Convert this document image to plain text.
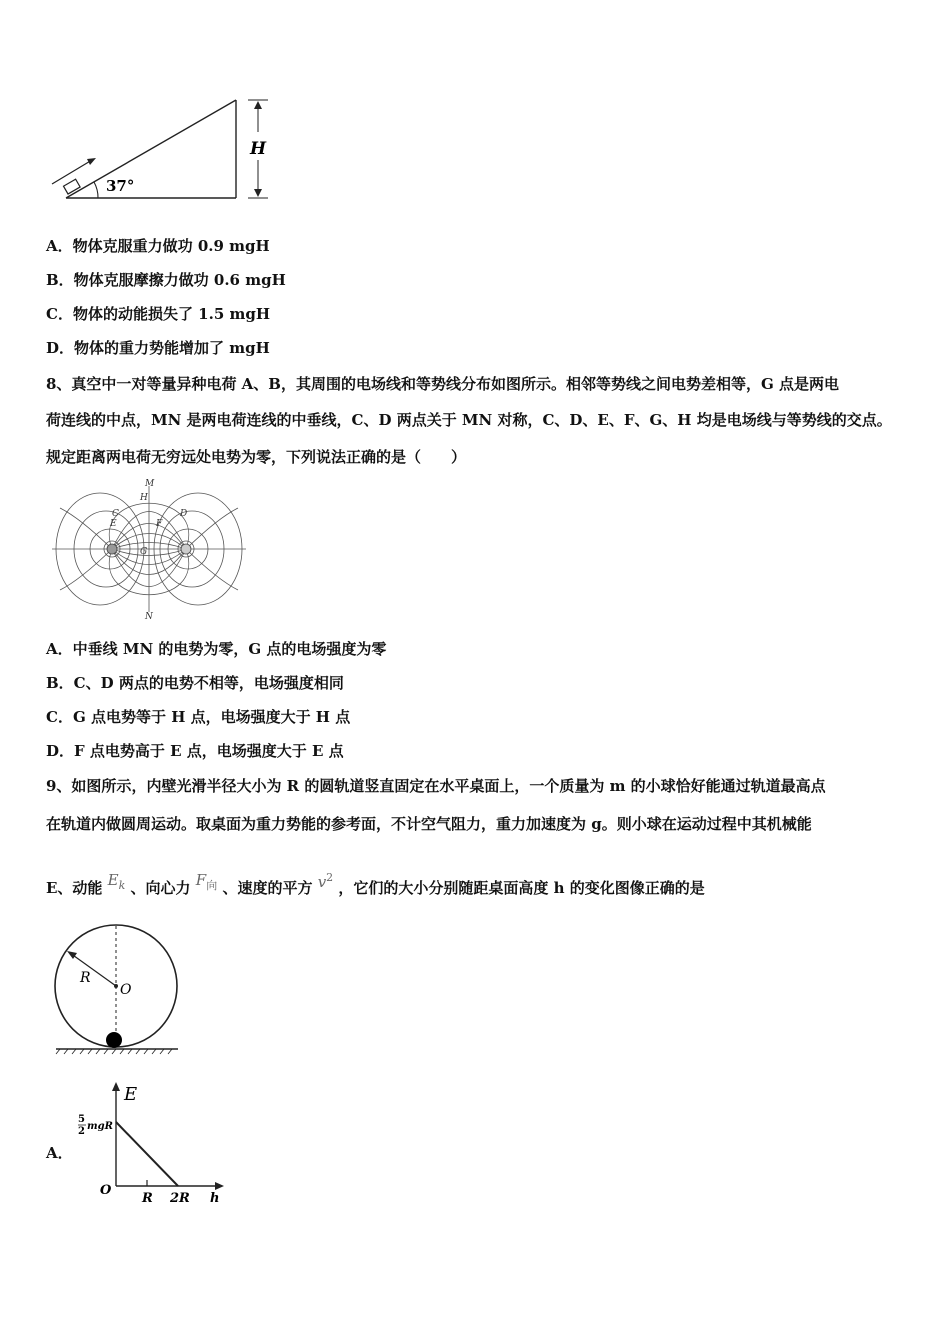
37°
H
A．物体克服重力做功 0.9 mgH
B．物体克服摩擦力做功 0.6 mgH
C．物体的动能损失了 1.5 mgH
D．物体的重力势能增加了 mgH
8、真空中一对等量异种电荷 A、B，其周围的电场线和等势线分布如图所示。相邻等势线之间电势差相等，G 点是两电
荷连线的中点，MN 是两电荷连线的中垂线，C、D 两点关于 MN 对称，C、D、E、F、G、H 均是电场线与等势线的交点。
规定距离两电荷无穷远处电势为零，下列说法正确的是（　　）
M
H
C	D
E	F
G
N
A．中垂线 MN 的电势为零，G 点的电场强度为零
B．C、D 两点的电势不相等，电场强度相同
C．G 点电势等于 H 点，电场强度大于 H 点
D．F 点电势高于 E 点，电场强度大于 E 点
9、如图所示，内壁光滑半径大小为 R 的圆轨道竖直固定在水平桌面上，一个质量为 m 的小球恰好能通过轨道最高点
在轨道内做圆周运动。取桌面为重力势能的参考面，不计空气阻力，重力加速度为 g。则小球在运动过程中其机械能
E、动能 $E_k$ 、向心力 $F_向$ 、速度的平方 $v^2$ ，它们的大小分别随距桌面高度 h 的变化图像正确的是
R
O
A．
E
h
O
5
2 mgR
R 2R
